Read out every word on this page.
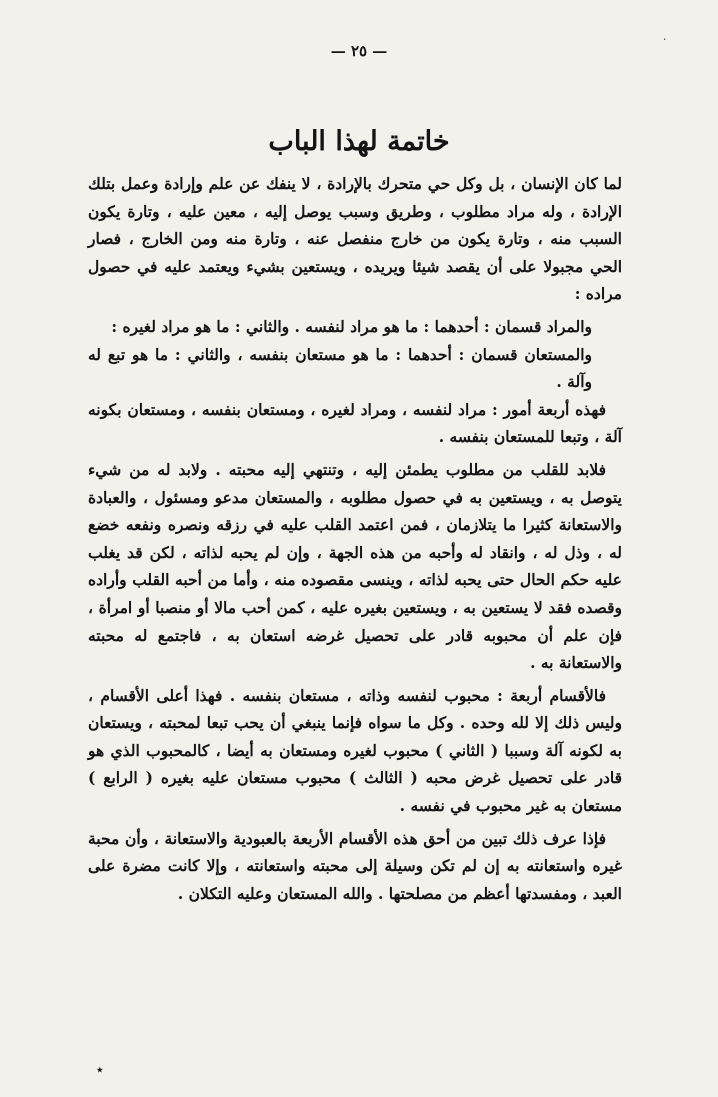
٠
— ٢٥ —
خاتمة لهذا الباب

لما كان الإنسان ، بل وكل حي متحرك بالإرادة ، لا ينفك عن علم وإرادة وعمل بتلك الإرادة ، وله مراد مطلوب ، وطريق وسبب يوصل إليه ، معين عليه ، وتارة يكون السبب منه ، وتارة يكون من خارج منفصل عنه ، وتارة منه ومن الخارج ، فصار الحي مجبولا على أن يقصد شيئا ويريده ، ويستعين بشيء ويعتمد عليه في حصول مراده :

والمراد قسمان : أحدهما : ما هو مراد لنفسه . والثاني : ما هو مراد لغيره :

والمستعان قسمان : أحدهما : ما هو مستعان بنفسه ، والثاني : ما هو تبع له وآلة .

فهذه أربعة أمور : مراد لنفسه ، ومراد لغيره ، ومستعان بنفسه ، ومستعان بكونه آلة ، وتبعا للمستعان بنفسه .

فلابد للقلب من مطلوب يطمئن إليه ، وتنتهي إليه محبته . ولابد له من شيء يتوصل به ، ويستعين به في حصول مطلوبه ، والمستعان مدعو ومسئول ، والعبادة والاستعانة كثيرا ما يتلازمان ، فمن اعتمد القلب عليه في رزقه ونصره ونفعه خضع له ، وذل له ، وانقاد له وأحبه من هذه الجهة ، وإن لم يحبه لذاته ، لكن قد يغلب عليه حكم الحال حتى يحبه لذاته ، وينسى مقصوده منه ، وأما من أحبه القلب وأراده وقصده فقد لا يستعين به ، ويستعين بغيره عليه ، كمن أحب مالا أو منصبا أو امرأة ، فإن علم أن محبوبه قادر على تحصيل غرضه استعان به ، فاجتمع له محبته والاستعانة به .

فالأقسام أربعة : محبوب لنفسه وذاته ، مستعان بنفسه . فهذا أعلى الأقسام ، وليس ذلك إلا لله وحده . وكل ما سواه فإنما ينبغي أن يحب تبعا لمحبته ، ويستعان به لكونه آلة وسببا ( الثاني ) محبوب لغيره ومستعان به أيضا ، كالمحبوب الذي هو قادر على تحصيل غرض محبه ( الثالث ) محبوب مستعان عليه بغيره ( الرابع ) مستعان به غير محبوب في نفسه .

فإذا عرف ذلك تبين من أحق هذه الأقسام الأربعة بالعبودية والاستعانة ، وأن محبة غيره واستعانته به إن لم تكن وسيلة إلى محبته واستعانته ، وإلا كانت مضرة على العبد ، ومفسدتها أعظم من مصلحتها . والله المستعان وعليه التكلان .

٭
